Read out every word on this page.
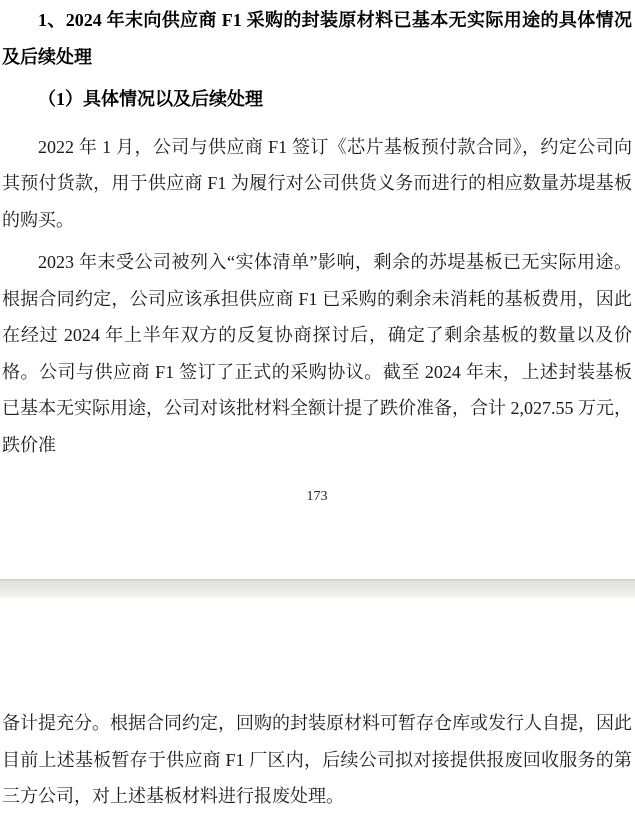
1、2024 年末向供应商 F1 采购的封装原材料已基本无实际用途的具体情况及后续处理
（1）具体情况以及后续处理

2022 年 1 月，公司与供应商 F1 签订《芯片基板预付款合同》，约定公司向其预付货款，用于供应商 F1 为履行对公司供货义务而进行的相应数量苏堤基板的购买。

2023 年末受公司被列入“实体清单”影响，剩余的苏堤基板已无实际用途。根据合同约定，公司应该承担供应商 F1 已采购的剩余未消耗的基板费用，因此在经过 2024 年上半年双方的反复协商探讨后，确定了剩余基板的数量以及价格。公司与供应商 F1 签订了正式的采购协议。截至 2024 年末，上述封装基板已基本无实际用途，公司对该批材料全额计提了跌价准备，合计 2,027.55 万元，跌价准

173

备计提充分。根据合同约定，回购的封装原材料可暂存仓库或发行人自提，因此目前上述基板暂存于供应商 F1 厂区内，后续公司拟对接提供报废回收服务的第三方公司，对上述基板材料进行报废处理。
